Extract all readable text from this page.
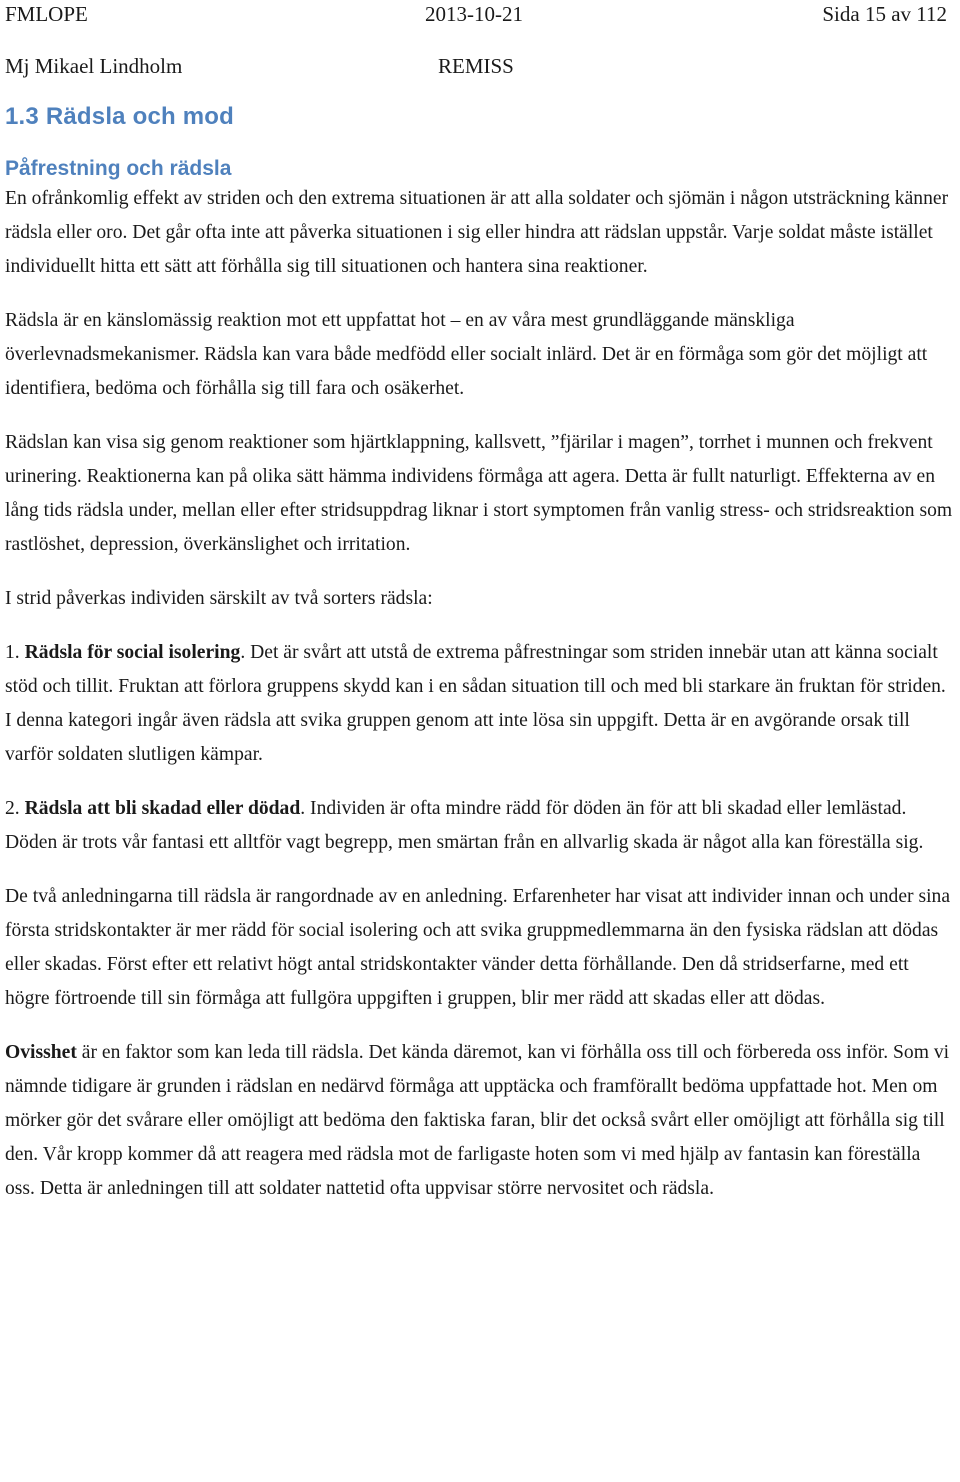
FMLOPE	2013-10-21	Sida 15 av 112
Mj Mikael Lindholm	REMISS
1.3 Rädsla och mod
Påfrestning och rädsla

En ofrånkomlig effekt av striden och den extrema situationen är att alla soldater och sjömän i någon utsträckning känner rädsla eller oro. Det går ofta inte att påverka situationen i sig eller hindra att rädslan uppstår. Varje soldat måste istället individuellt hitta ett sätt att förhålla sig till situationen och hantera sina reaktioner.

Rädsla är en känslomässig reaktion mot ett uppfattat hot – en av våra mest grundläggande mänskliga överlevnadsmekanismer. Rädsla kan vara både medfödd eller socialt inlärd. Det är en förmåga som gör det möjligt att identifiera, bedöma och förhålla sig till fara och osäkerhet.

Rädslan kan visa sig genom reaktioner som hjärtklappning, kallsvett, ”fjärilar i magen”, torrhet i munnen och frekvent urinering. Reaktionerna kan på olika sätt hämma individens förmåga att agera. Detta är fullt naturligt. Effekterna av en lång tids rädsla under, mellan eller efter stridsuppdrag liknar i stort symptomen från vanlig stress- och stridsreaktion som rastlöshet, depression, överkänslighet och irritation.

I strid påverkas individen särskilt av två sorters rädsla:

1. Rädsla för social isolering. Det är svårt att utstå de extrema påfrestningar som striden innebär utan att känna socialt stöd och tillit. Fruktan att förlora gruppens skydd kan i en sådan situation till och med bli starkare än fruktan för striden. I denna kategori ingår även rädsla att svika gruppen genom att inte lösa sin uppgift. Detta är en avgörande orsak till varför soldaten slutligen kämpar.

2. Rädsla att bli skadad eller dödad. Individen är ofta mindre rädd för döden än för att bli skadad eller lemlästad. Döden är trots vår fantasi ett alltför vagt begrepp, men smärtan från en allvarlig skada är något alla kan föreställa sig.

De två anledningarna till rädsla är rangordnade av en anledning. Erfarenheter har visat att individer innan och under sina första stridskontakter är mer rädd för social isolering och att svika gruppmedlemmarna än den fysiska rädslan att dödas eller skadas. Först efter ett relativt högt antal stridskontakter vänder detta förhållande. Den då stridserfarne, med ett högre förtroende till sin förmåga att fullgöra uppgiften i gruppen, blir mer rädd att skadas eller att dödas.

Ovisshet är en faktor som kan leda till rädsla. Det kända däremot, kan vi förhålla oss till och förbereda oss inför. Som vi nämnde tidigare är grunden i rädslan en nedärvd förmåga att upptäcka och framförallt bedöma uppfattade hot. Men om mörker gör det svårare eller omöjligt att bedöma den faktiska faran, blir det också svårt eller omöjligt att förhålla sig till den. Vår kropp kommer då att reagera med rädsla mot de farligaste hoten som vi med hjälp av fantasin kan föreställa oss. Detta är anledningen till att soldater nattetid ofta uppvisar större nervositet och rädsla.
